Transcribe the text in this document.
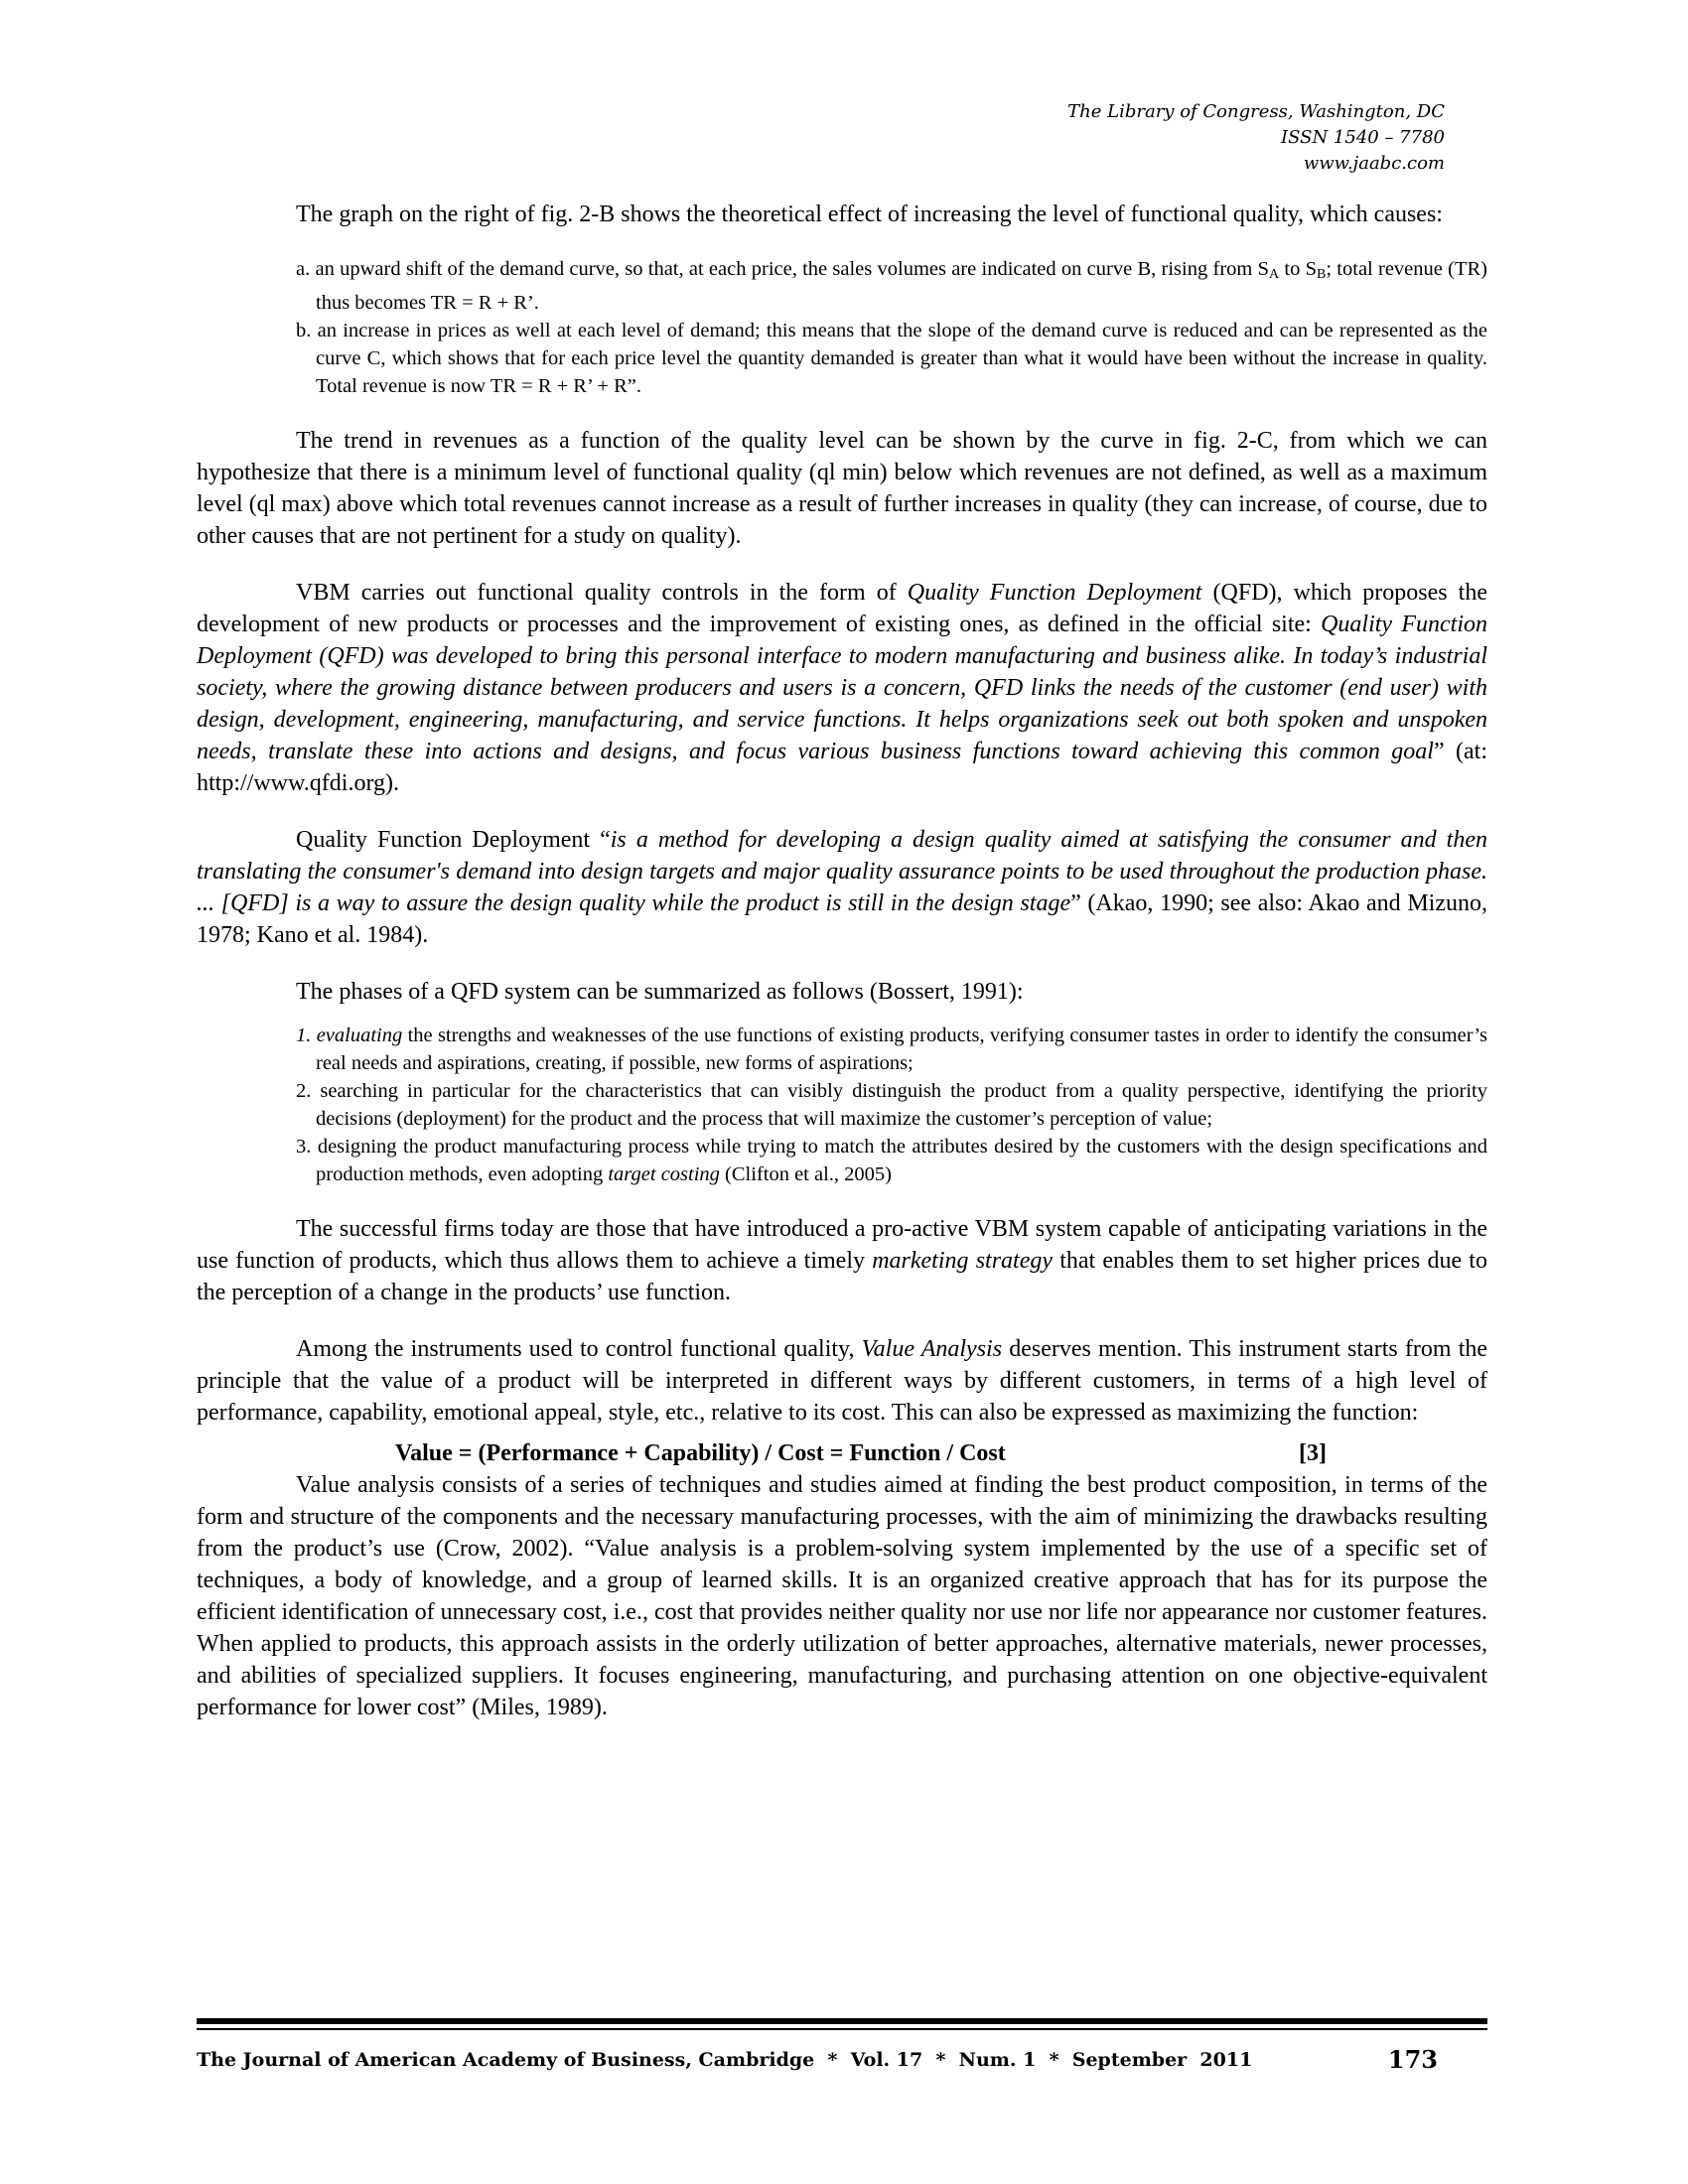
The Library of Congress, Washington, DC
ISSN 1540 – 7780
www.jaabc.com

The graph on the right of fig. 2-B shows the theoretical effect of increasing the level of functional quality, which causes:

a. an upward shift of the demand curve, so that, at each price, the sales volumes are indicated on curve B, rising from $S_A$ to $S_B$; total revenue (TR) thus becomes TR = R + R’.
b. an increase in prices as well at each level of demand; this means that the slope of the demand curve is reduced and can be represented as the curve C, which shows that for each price level the quantity demanded is greater than what it would have been without the increase in quality. Total revenue is now TR = R + R’ + R”.

The trend in revenues as a function of the quality level can be shown by the curve in fig. 2-C, from which we can hypothesize that there is a minimum level of functional quality (ql min) below which revenues are not defined, as well as a maximum level (ql max) above which total revenues cannot increase as a result of further increases in quality (they can increase, of course, due to other causes that are not pertinent for a study on quality).

VBM carries out functional quality controls in the form of Quality Function Deployment (QFD), which proposes the development of new products or processes and the improvement of existing ones, as defined in the official site: Quality Function Deployment (QFD) was developed to bring this personal interface to modern manufacturing and business alike. In today’s industrial society, where the growing distance between producers and users is a concern, QFD links the needs of the customer (end user) with design, development, engineering, manufacturing, and service functions. It helps organizations seek out both spoken and unspoken needs, translate these into actions and designs, and focus various business functions toward achieving this common goal” (at: http://www.qfdi.org).

Quality Function Deployment “is a method for developing a design quality aimed at satisfying the consumer and then translating the consumer's demand into design targets and major quality assurance points to be used throughout the production phase. ... [QFD] is a way to assure the design quality while the product is still in the design stage” (Akao, 1990; see also: Akao and Mizuno, 1978; Kano et al. 1984).

The phases of a QFD system can be summarized as follows (Bossert, 1991):

1. evaluating the strengths and weaknesses of the use functions of existing products, verifying consumer tastes in order to identify the consumer’s real needs and aspirations, creating, if possible, new forms of aspirations;
2. searching in particular for the characteristics that can visibly distinguish the product from a quality perspective, identifying the priority decisions (deployment) for the product and the process that will maximize the customer’s perception of value;
3. designing the product manufacturing process while trying to match the attributes desired by the customers with the design specifications and production methods, even adopting target costing (Clifton et al., 2005)

The successful firms today are those that have introduced a pro-active VBM system capable of anticipating variations in the use function of products, which thus allows them to achieve a timely marketing strategy that enables them to set higher prices due to the perception of a change in the products’ use function.

Among the instruments used to control functional quality, Value Analysis deserves mention. This instrument starts from the principle that the value of a product will be interpreted in different ways by different customers, in terms of a high level of performance, capability, emotional appeal, style, etc., relative to its cost. This can also be expressed as maximizing the function:

Value = (Performance + Capability) / Cost = Function / Cost	[3]

Value analysis consists of a series of techniques and studies aimed at finding the best product composition, in terms of the form and structure of the components and the necessary manufacturing processes, with the aim of minimizing the drawbacks resulting from the product’s use (Crow, 2002). “Value analysis is a problem-solving system implemented by the use of a specific set of techniques, a body of knowledge, and a group of learned skills. It is an organized creative approach that has for its purpose the efficient identification of unnecessary cost, i.e., cost that provides neither quality nor use nor life nor appearance nor customer features. When applied to products, this approach assists in the orderly utilization of better approaches, alternative materials, newer processes, and abilities of specialized suppliers. It focuses engineering, manufacturing, and purchasing attention on one objective-equivalent performance for lower cost” (Miles, 1989).

The Journal of American Academy of Business, Cambridge  *  Vol. 17  *  Num. 1  *  September  2011	173
